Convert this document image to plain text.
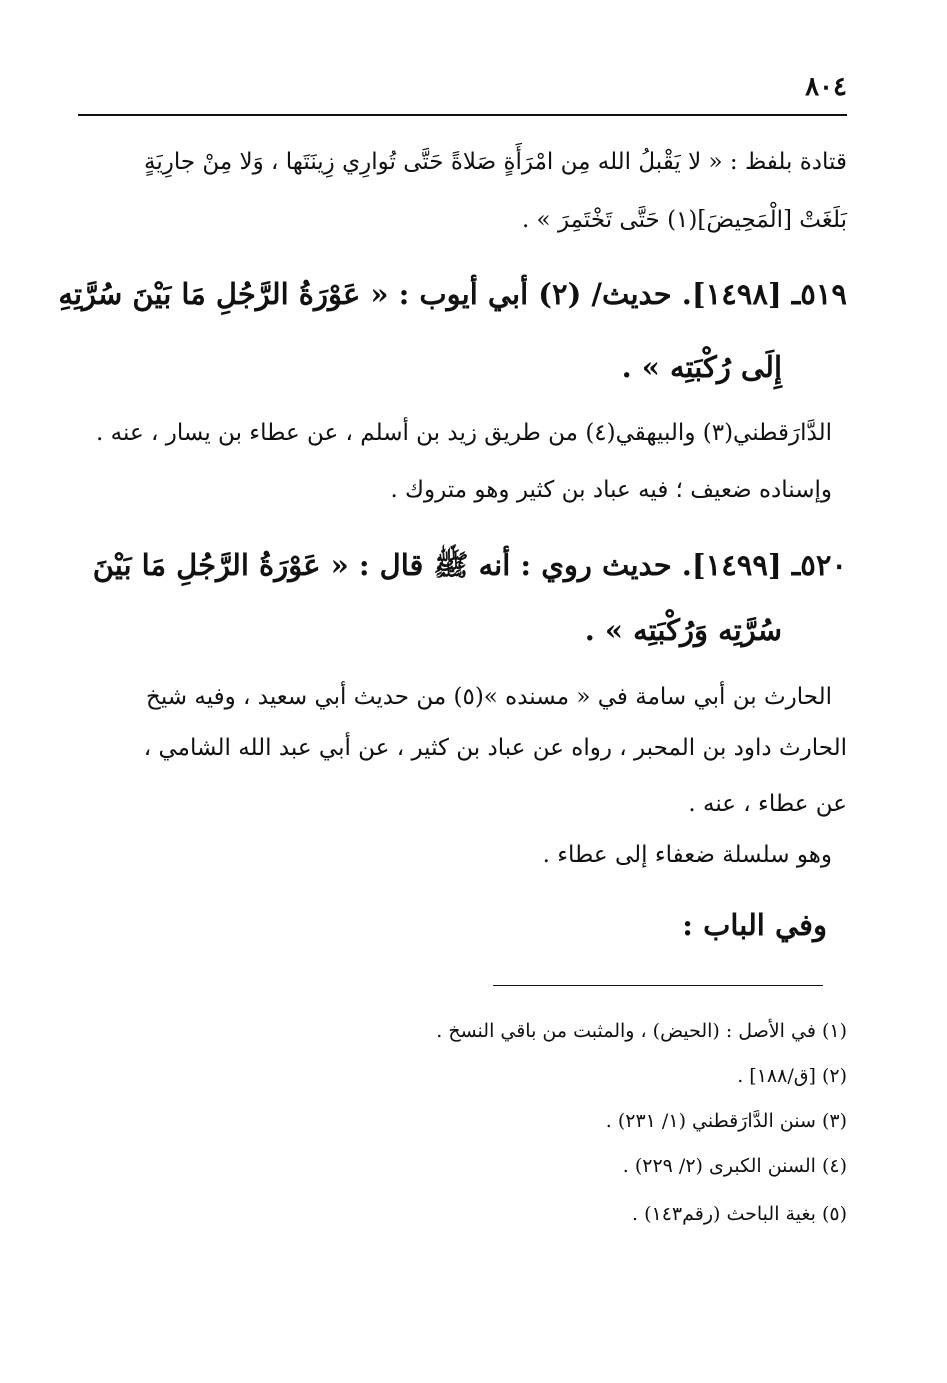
٨٠٤
قتادة بلفظ : « لا يَقْبلُ الله مِن امْرَأَةٍ صَلاةً حَتَّى تُوارِي زِينَتَها ، وَلا مِنْ جارِيَةٍ
بَلَغَتْ [الْمَحِيضَ](١) حَتَّى تَخْتَمِرَ » .
٥١٩ـ [١٤٩٨]. حديث/ (٢) أبي أيوب : « عَوْرَةُ الرَّجُلِ مَا بَيْنَ سُرَّتِهِ
إِلَى رُكْبَتِه » .
الدَّارَقطني(٣) والبيهقي(٤) من طريق زيد بن أسلم ، عن عطاء بن يسار ، عنه .
وإسناده ضعيف ؛ فيه عباد بن كثير وهو متروك .
٥٢٠ـ [١٤٩٩]. حديث روي : أنه ﷺ قال : « عَوْرَةُ الرَّجُلِ مَا بَيْنَ
سُرَّتِه وَرُكْبَتِه » .
الحارث بن أبي سامة في « مسنده »(٥) من حديث أبي سعيد ، وفيه شيخ
الحارث داود بن المحبر ، رواه عن عباد بن كثير ، عن أبي عبد الله الشامي ،
عن عطاء ، عنه .
وهو سلسلة ضعفاء إلى عطاء .
وفي الباب :
(١) في الأصل : (الحيض) ، والمثبت من باقي النسخ .
(٢) [ق/١٨٨] .
(٣) سنن الدَّارَقطني (١/ ٢٣١) .
(٤) السنن الكبرى (٢/ ٢٢٩) .
(٥) بغية الباحث (رقم١٤٣) .
